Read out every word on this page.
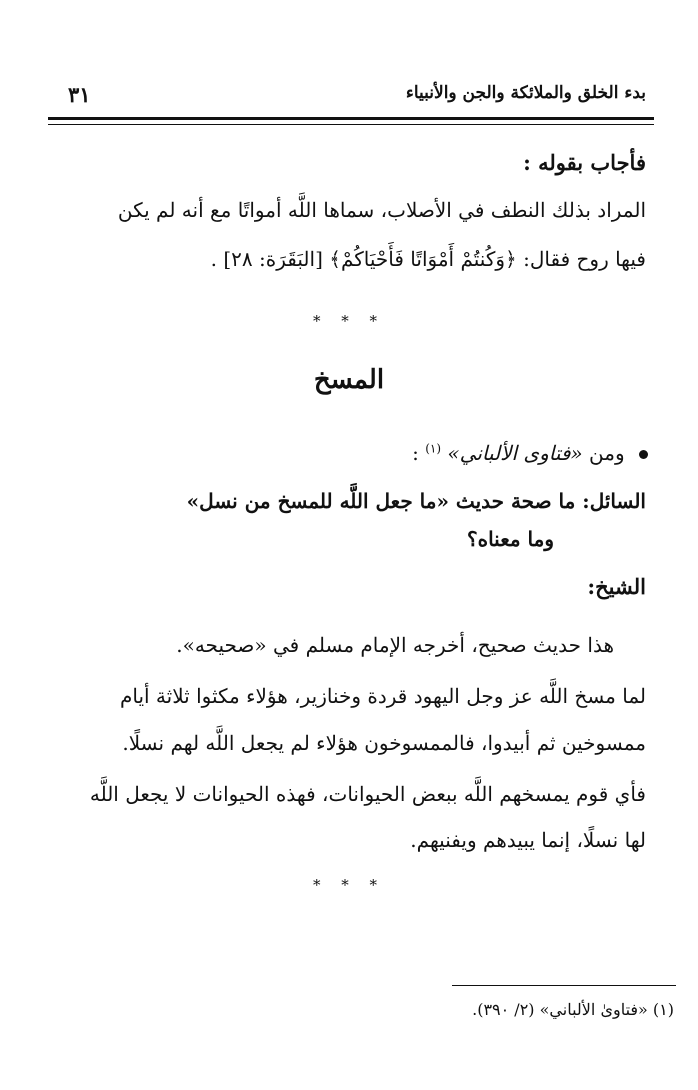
بدء الخلق والملائكة والجن والأنبياء
٣١
فأجاب بقوله :
المراد بذلك النطف في الأصلاب، سماها اللَّه أمواتًا مع أنه لم يكن
فيها روح فقال: ﴿وَكُنتُمْ أَمْوَاتًا فَأَحْيَاكُمْ﴾ [البَقَرَة: ٢٨] .
* * *
المسخ
ومن «فتاوى الألباني» $^{(١)}$ :
السائل: ما صحة حديث «ما جعل اللَّه للمسخ من نسل»
وما معناه؟
الشيخ:
هذا حديث صحيح، أخرجه الإمام مسلم في «صحيحه».
لما مسخ اللَّه عز وجل اليهود قردة وخنازير، هؤلاء مكثوا ثلاثة أيام
ممسوخين ثم أبيدوا، فالممسوخون هؤلاء لم يجعل اللَّه لهم نسلًا.
فأي قوم يمسخهم اللَّه ببعض الحيوانات، فهذه الحيوانات لا يجعل اللَّه
لها نسلًا، إنما يبيدهم ويفنيهم.
* * *
(١) «فتاوىٰ الألباني» (٢/ ٣٩٠).
